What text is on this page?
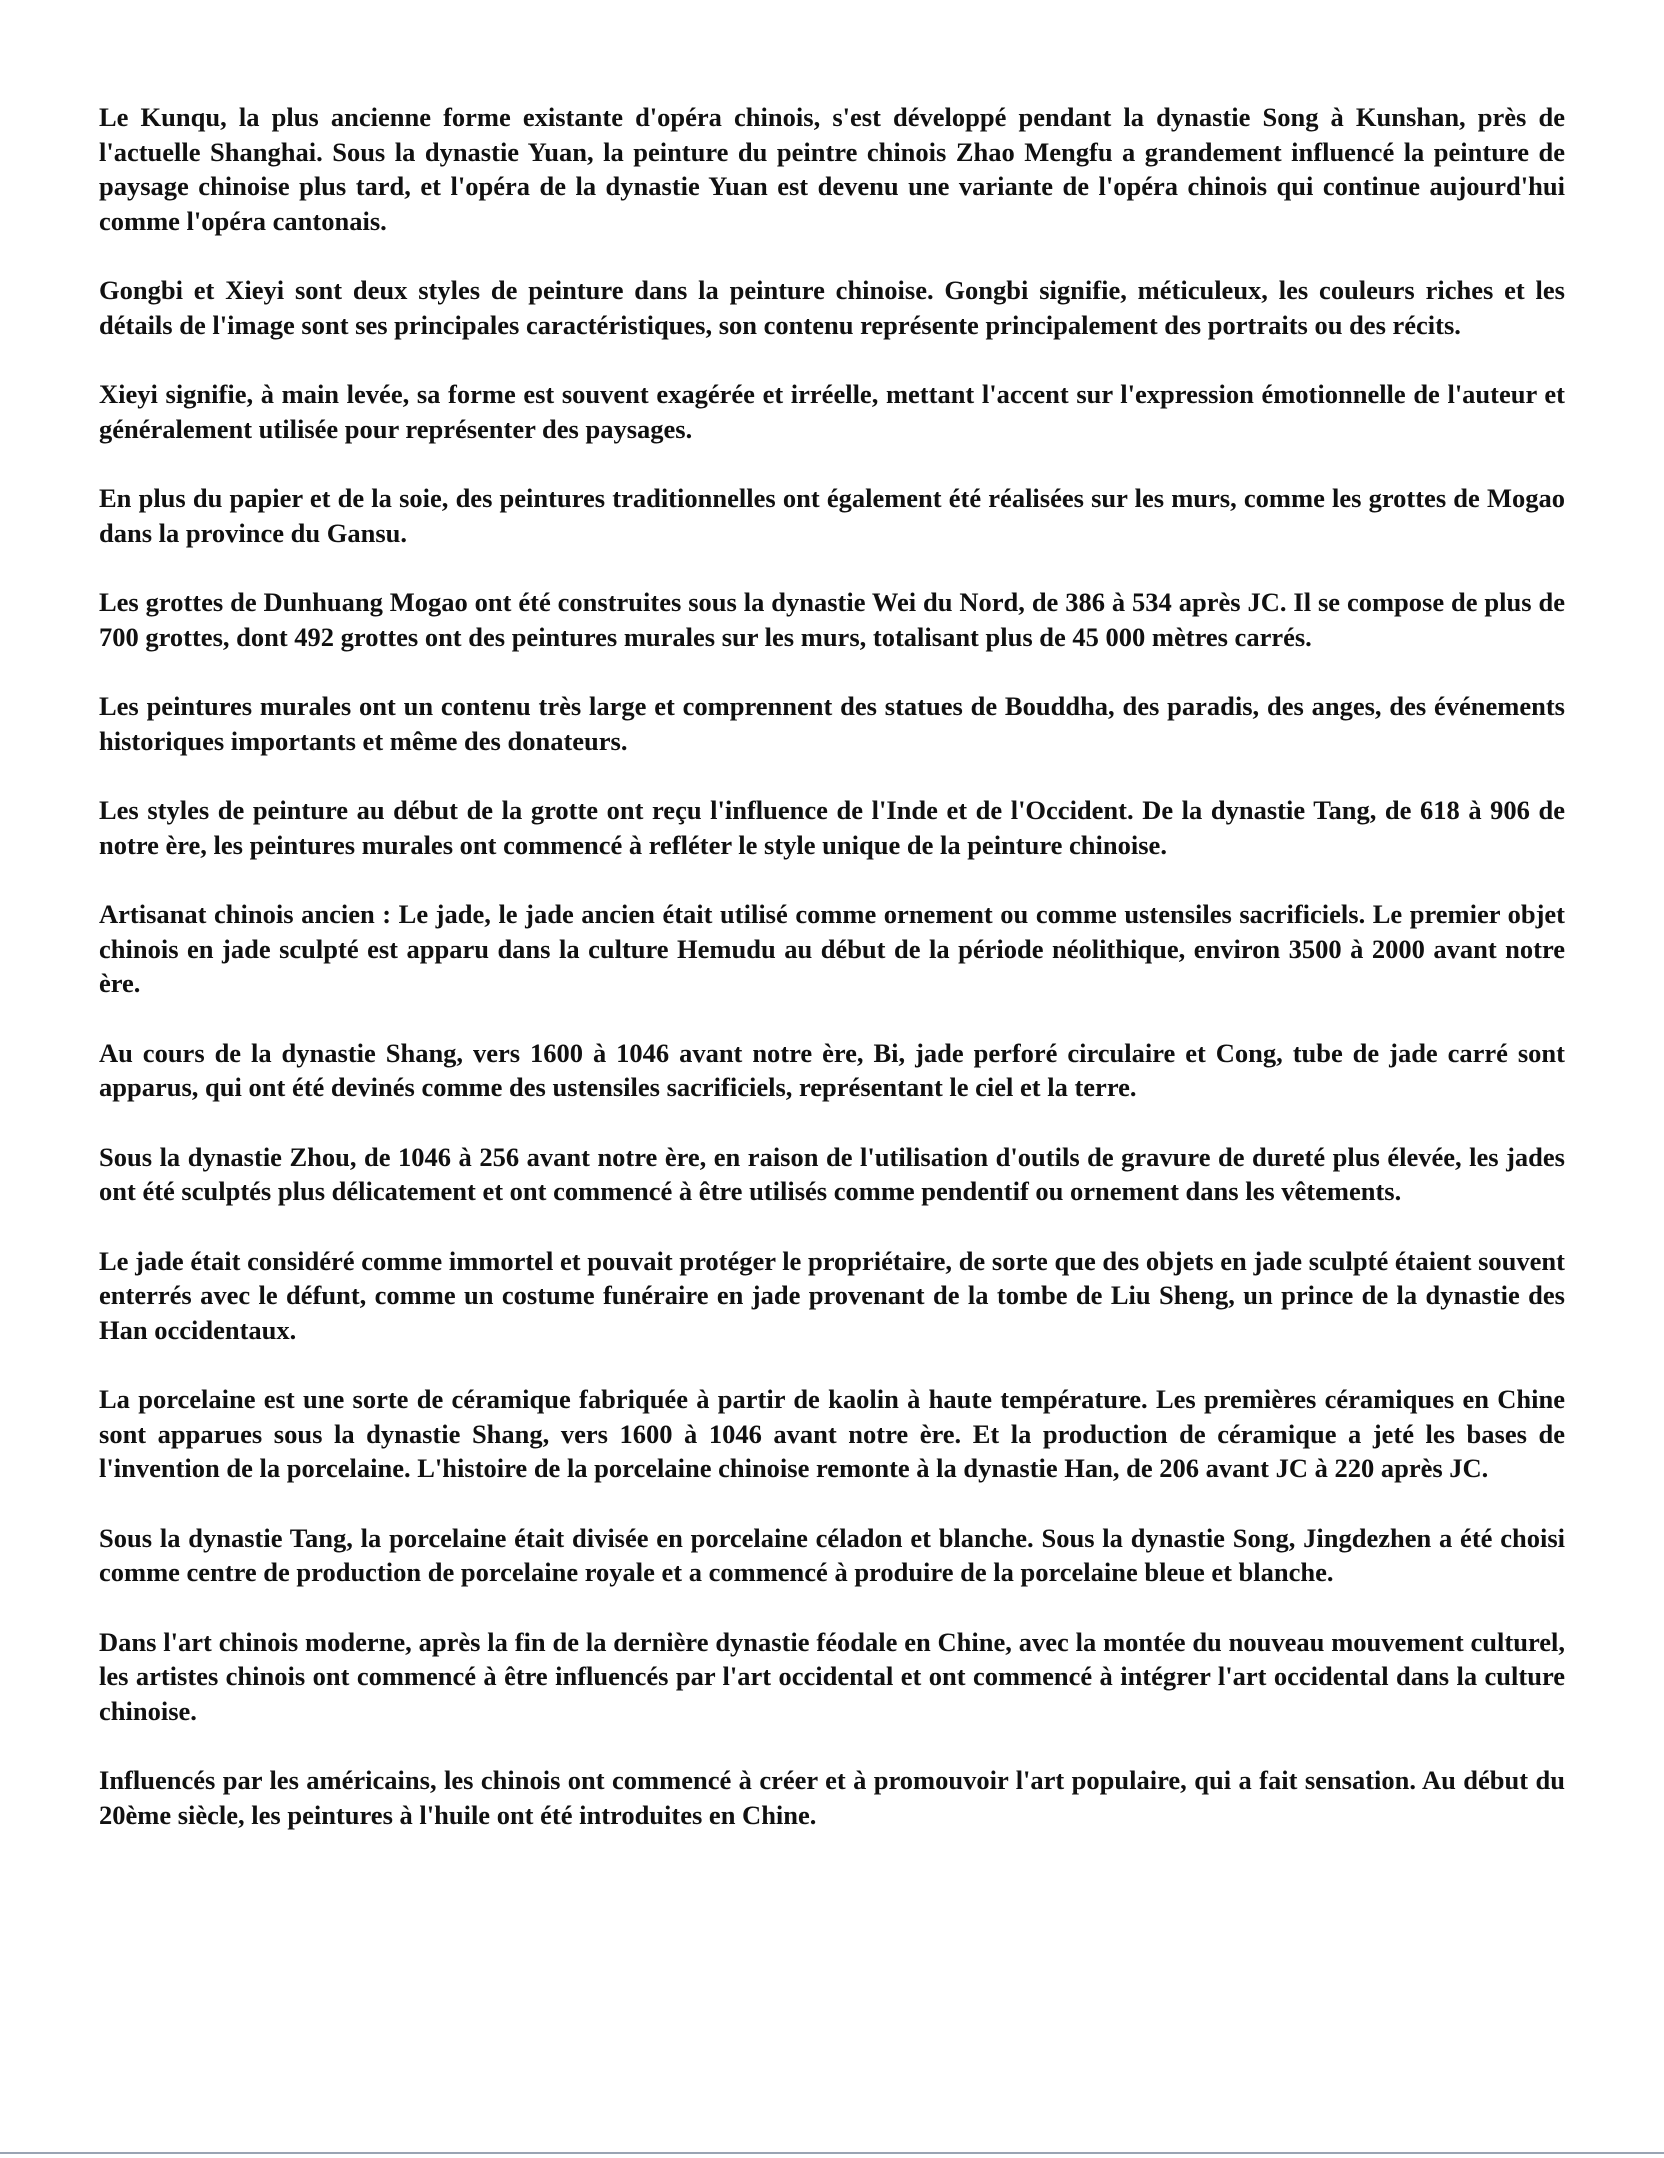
Le Kunqu, la plus ancienne forme existante d'opéra chinois, s'est développé pendant la dynastie Song à Kunshan, près de l'actuelle Shanghai. Sous la dynastie Yuan, la peinture du peintre chinois Zhao Mengfu a grandement influencé la peinture de paysage chinoise plus tard, et l'opéra de la dynastie Yuan est devenu une variante de l'opéra chinois qui continue aujourd'hui comme l'opéra cantonais.

Gongbi et Xieyi sont deux styles de peinture dans la peinture chinoise. Gongbi signifie, méticuleux, les couleurs riches et les détails de l'image sont ses principales caractéristiques, son contenu représente principalement des portraits ou des récits.

Xieyi signifie, à main levée, sa forme est souvent exagérée et irréelle, mettant l'accent sur l'expression émotionnelle de l'auteur et généralement utilisée pour représenter des paysages.

En plus du papier et de la soie, des peintures traditionnelles ont également été réalisées sur les murs, comme les grottes de Mogao dans la province du Gansu.

Les grottes de Dunhuang Mogao ont été construites sous la dynastie Wei du Nord, de 386 à 534 après JC. Il se compose de plus de 700 grottes, dont 492 grottes ont des peintures murales sur les murs, totalisant plus de 45 000 mètres carrés.

Les peintures murales ont un contenu très large et comprennent des statues de Bouddha, des paradis, des anges, des événements historiques importants et même des donateurs.

Les styles de peinture au début de la grotte ont reçu l'influence de l'Inde et de l'Occident. De la dynastie Tang, de 618 à 906 de notre ère, les peintures murales ont commencé à refléter le style unique de la peinture chinoise.

Artisanat chinois ancien : Le jade, le jade ancien était utilisé comme ornement ou comme ustensiles sacrificiels. Le premier objet chinois en jade sculpté est apparu dans la culture Hemudu au début de la période néolithique, environ 3500 à 2000 avant notre ère.

Au cours de la dynastie Shang, vers 1600 à 1046 avant notre ère, Bi, jade perforé circulaire et Cong, tube de jade carré sont apparus, qui ont été devinés comme des ustensiles sacrificiels, représentant le ciel et la terre.

Sous la dynastie Zhou, de 1046 à 256 avant notre ère, en raison de l'utilisation d'outils de gravure de dureté plus élevée, les jades ont été sculptés plus délicatement et ont commencé à être utilisés comme pendentif ou ornement dans les vêtements.

Le jade était considéré comme immortel et pouvait protéger le propriétaire, de sorte que des objets en jade sculpté étaient souvent enterrés avec le défunt, comme un costume funéraire en jade provenant de la tombe de Liu Sheng, un prince de la dynastie des Han occidentaux.

La porcelaine est une sorte de céramique fabriquée à partir de kaolin à haute température. Les premières céramiques en Chine sont apparues sous la dynastie Shang, vers 1600 à 1046 avant notre ère. Et la production de céramique a jeté les bases de l'invention de la porcelaine. L'histoire de la porcelaine chinoise remonte à la dynastie Han, de 206 avant JC à 220 après JC.

Sous la dynastie Tang, la porcelaine était divisée en porcelaine céladon et blanche. Sous la dynastie Song, Jingdezhen a été choisi comme centre de production de porcelaine royale et a commencé à produire de la porcelaine bleue et blanche.

Dans l'art chinois moderne, après la fin de la dernière dynastie féodale en Chine, avec la montée du nouveau mouvement culturel, les artistes chinois ont commencé à être influencés par l'art occidental et ont commencé à intégrer l'art occidental dans la culture chinoise.

Influencés par les américains, les chinois ont commencé à créer et à promouvoir l'art populaire, qui a fait sensation. Au début du 20ème siècle, les peintures à l'huile ont été introduites en Chine.
